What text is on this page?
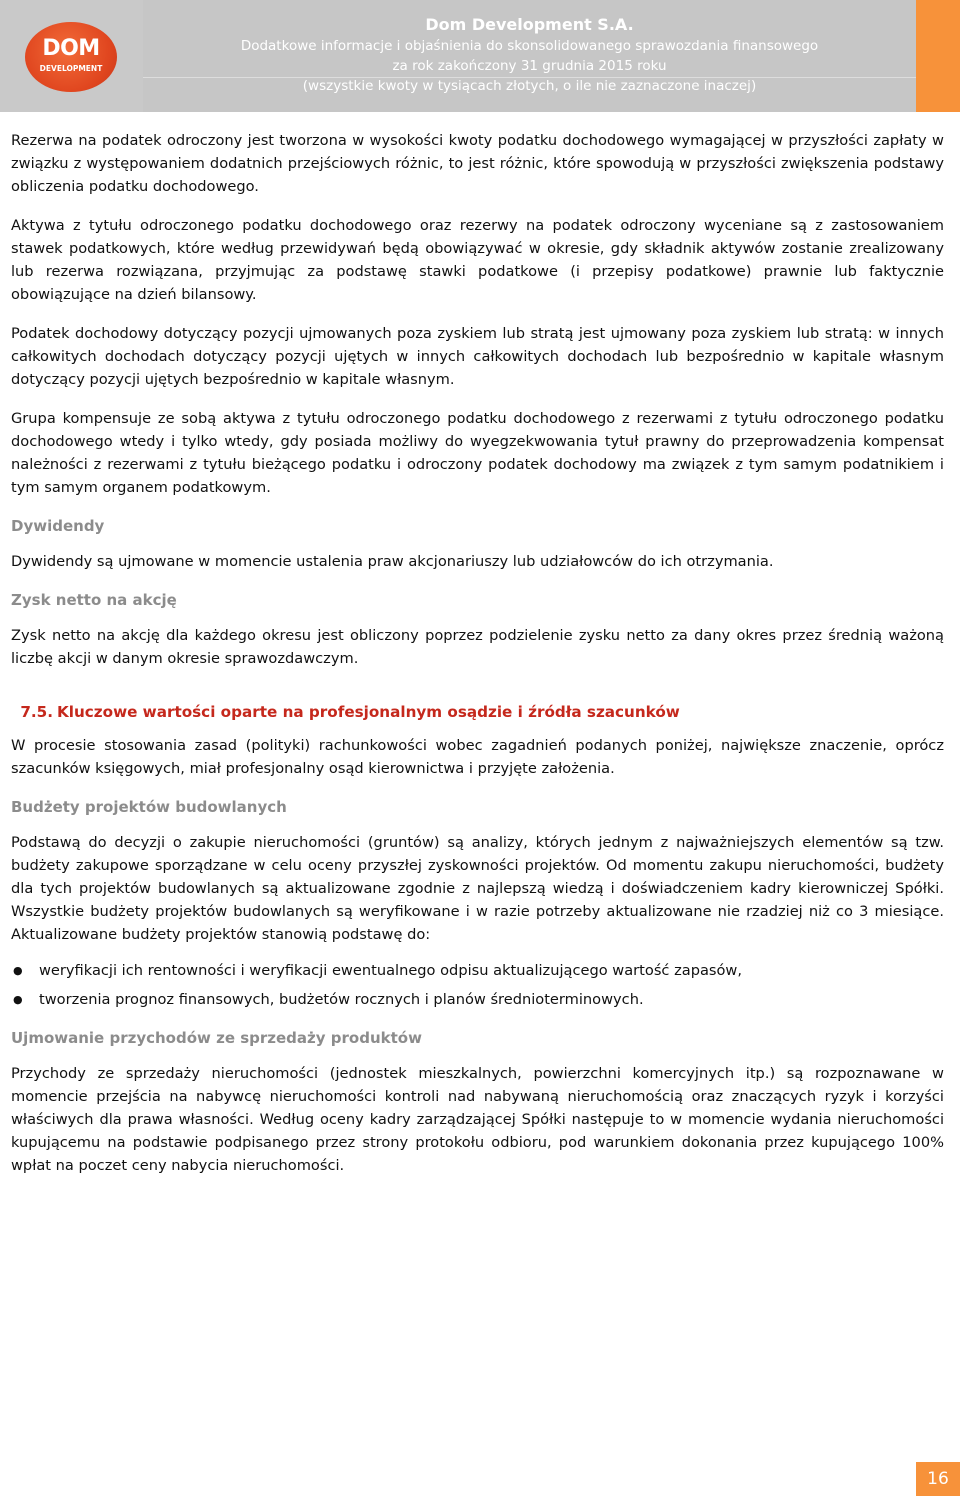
DOM
DEVELOPMENT
Dom Development S.A.
Dodatkowe informacje i objaśnienia do skonsolidowanego sprawozdania finansowego
za rok zakończony 31 grudnia 2015 roku
(wszystkie kwoty w tysiącach złotych, o ile nie zaznaczone inaczej)

Rezerwa na podatek odroczony jest tworzona w wysokości kwoty podatku dochodowego wymagającej w przyszłości zapłaty w związku z występowaniem dodatnich przejściowych różnic, to jest różnic, które spowodują w przyszłości zwiększenia podstawy obliczenia podatku dochodowego.

Aktywa z tytułu odroczonego podatku dochodowego oraz rezerwy na podatek odroczony wyceniane są z zastosowaniem stawek podatkowych, które według przewidywań będą obowiązywać w okresie, gdy składnik aktywów zostanie zrealizowany lub rezerwa rozwiązana, przyjmując za podstawę stawki podatkowe (i przepisy podatkowe) prawnie lub faktycznie obowiązujące na dzień bilansowy.

Podatek dochodowy dotyczący pozycji ujmowanych poza zyskiem lub stratą jest ujmowany poza zyskiem lub stratą: w innych całkowitych dochodach dotyczący pozycji ujętych w innych całkowitych dochodach lub bezpośrednio w kapitale własnym dotyczący pozycji ujętych bezpośrednio w kapitale własnym.

Grupa kompensuje ze sobą aktywa z tytułu odroczonego podatku dochodowego z rezerwami z tytułu odroczonego podatku dochodowego wtedy i tylko wtedy, gdy posiada możliwy do wyegzekwowania tytuł prawny do przeprowadzenia kompensat należności z rezerwami z tytułu bieżącego podatku i odroczony podatek dochodowy ma związek z tym samym podatnikiem i tym samym organem podatkowym.

Dywidendy

Dywidendy są ujmowane w momencie ustalenia praw akcjonariuszy lub udziałowców do ich otrzymania.

Zysk netto na akcję

Zysk netto na akcję dla każdego okresu jest obliczony poprzez podzielenie zysku netto za dany okres przez średnią ważoną liczbę akcji w danym okresie sprawozdawczym.

7.5. Kluczowe wartości oparte na profesjonalnym osądzie i źródła szacunków

W procesie stosowania zasad (polityki) rachunkowości wobec zagadnień podanych poniżej, największe znaczenie, oprócz szacunków księgowych, miał profesjonalny osąd kierownictwa i przyjęte założenia.

Budżety projektów budowlanych

Podstawą do decyzji o zakupie nieruchomości (gruntów) są analizy, których jednym z najważniejszych elementów są tzw. budżety zakupowe sporządzane w celu oceny przyszłej zyskowności projektów. Od momentu zakupu nieruchomości, budżety dla tych projektów budowlanych są aktualizowane zgodnie z najlepszą wiedzą i doświadczeniem kadry kierowniczej Spółki. Wszystkie budżety projektów budowlanych są weryfikowane i w razie potrzeby aktualizowane nie rzadziej niż co 3 miesiące. Aktualizowane budżety projektów stanowią podstawę do:

● weryfikacji ich rentowności i weryfikacji ewentualnego odpisu aktualizującego wartość zapasów,
● tworzenia prognoz finansowych, budżetów rocznych i planów średnioterminowych.
Ujmowanie przychodów ze sprzedaży produktów

Przychody ze sprzedaży nieruchomości (jednostek mieszkalnych, powierzchni komercyjnych itp.) są rozpoznawane w momencie przejścia na nabywcę nieruchomości kontroli nad nabywaną nieruchomością oraz znaczących ryzyk i korzyści właściwych dla prawa własności. Według oceny kadry zarządzającej Spółki następuje to w momencie wydania nieruchomości kupującemu na podstawie podpisanego przez strony protokołu odbioru, pod warunkiem dokonania przez kupującego 100% wpłat na poczet ceny nabycia nieruchomości.

16
